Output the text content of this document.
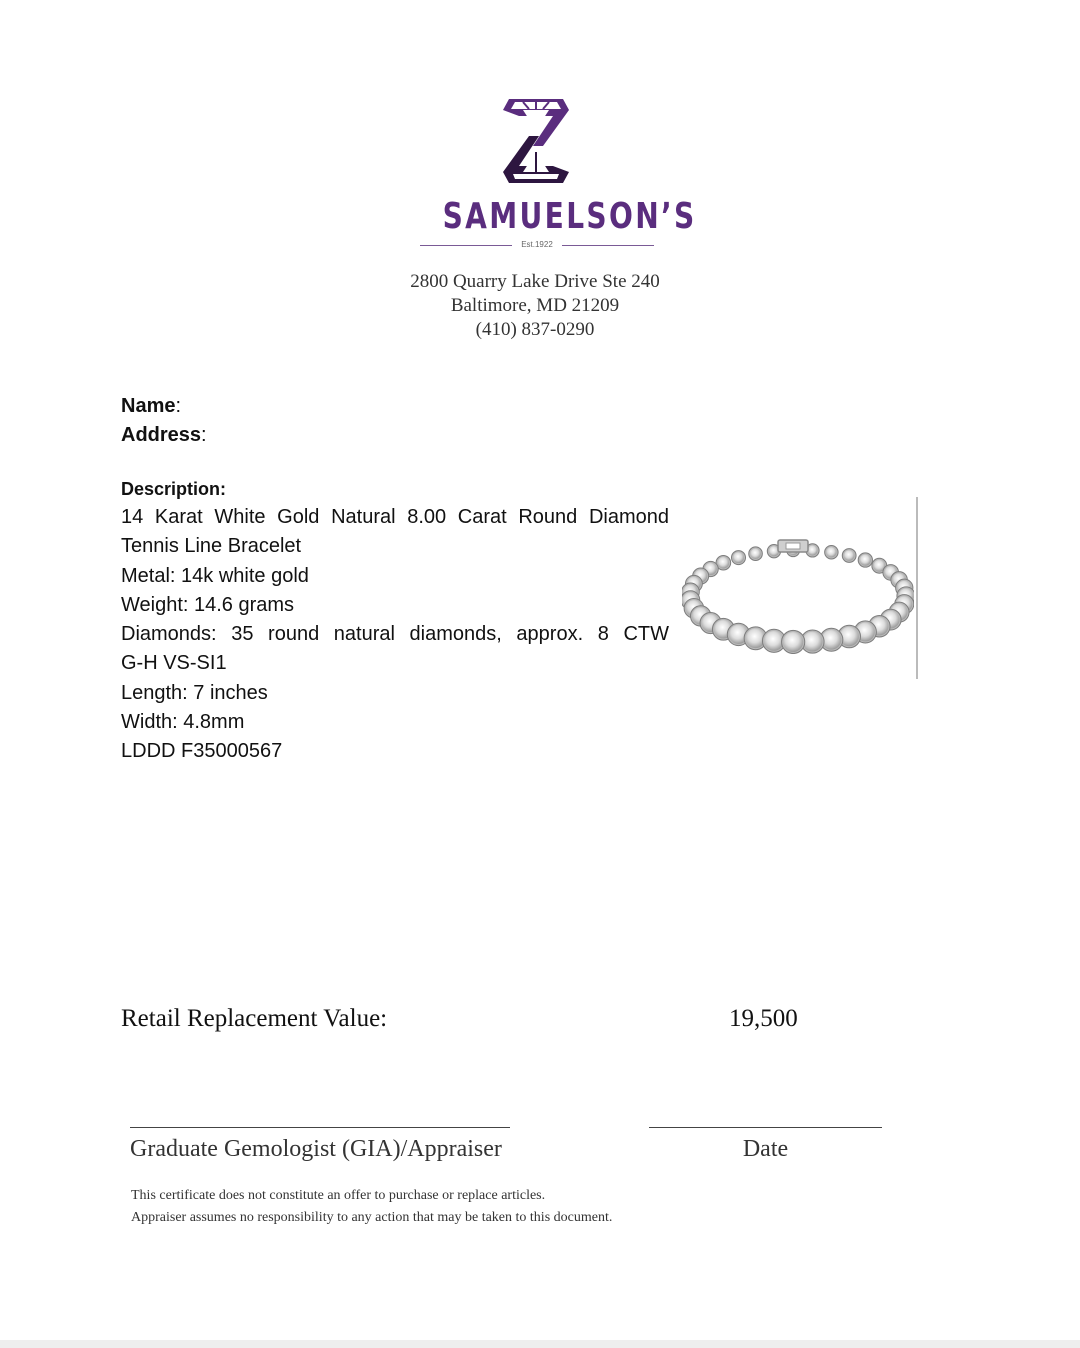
SAMUELSON’S
Est.1922
2800 Quarry Lake Drive Ste 240
Baltimore, MD 21209
(410) 837-0290
Name:
Address:
Description:
14 Karat White Gold Natural 8.00 Carat Round Diamond
Tennis Line Bracelet
Metal: 14k white gold
Weight: 14.6 grams
Diamonds: 35 round natural diamonds, approx. 8 CTW
G-H VS-SI1
Length: 7 inches
Width: 4.8mm
LDDD F35000567
Retail Replacement Value:	19,500
Graduate Gemologist (GIA)/Appraiser	Date
This certificate does not constitute an offer to purchase or replace articles.
Appraiser assumes no responsibility to any action that may be taken to this document.
